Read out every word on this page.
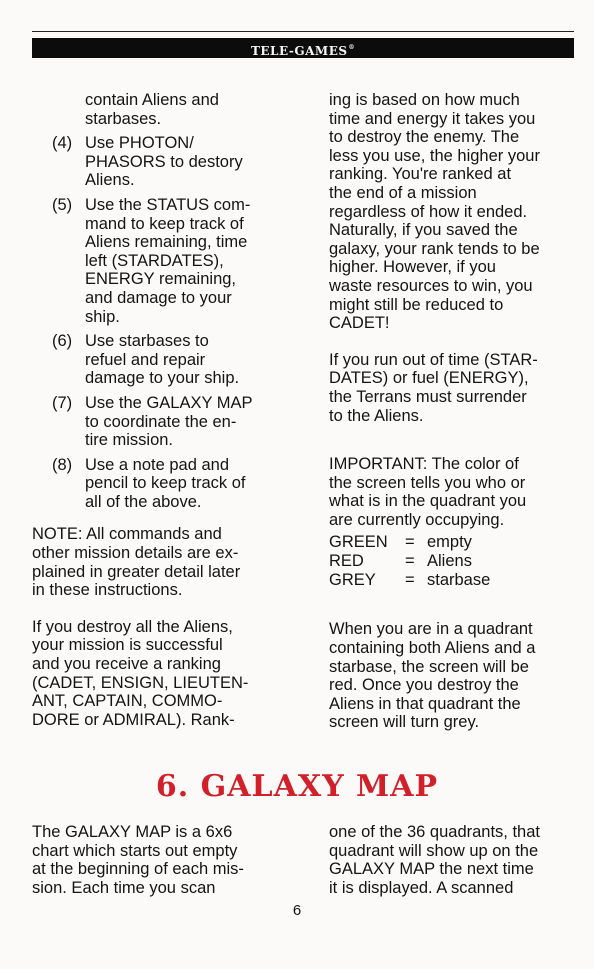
TELE-GAMES®
contain Aliens and
starbases.
(4) Use PHOTON/
PHASORS to destory
Aliens.
(5) Use the STATUS com-
mand to keep track of
Aliens remaining, time
left (STARDATES),
ENERGY remaining,
and damage to your
ship.
(6) Use starbases to
refuel and repair
damage to your ship.
(7) Use the GALAXY MAP
to coordinate the en-
tire mission.
(8) Use a note pad and
pencil to keep track of
all of the above.
NOTE: All commands and
other mission details are ex-
plained in greater detail later
in these instructions.
If you destroy all the Aliens,
your mission is successful
and you receive a ranking
(CADET, ENSIGN, LIEUTEN-
ANT, CAPTAIN, COMMO-
DORE or ADMIRAL). Rank-
ing is based on how much
time and energy it takes you
to destroy the enemy. The
less you use, the higher your
ranking. You're ranked at
the end of a mission
regardless of how it ended.
Naturally, if you saved the
galaxy, your rank tends to be
higher. However, if you
waste resources to win, you
might still be reduced to
CADET!
If you run out of time (STAR-
DATES) or fuel (ENERGY),
the Terrans must surrender
to the Aliens.
IMPORTANT: The color of
the screen tells you who or
what is in the quadrant you
are currently occupying.
GREEN	= empty
RED	= Aliens
GREY	= starbase
When you are in a quadrant
containing both Aliens and a
starbase, the screen will be
red. Once you destroy the
Aliens in that quadrant the
screen will turn grey.
6. GALAXY MAP
The GALAXY MAP is a 6x6
chart which starts out empty
at the beginning of each mis-
sion. Each time you scan
one of the 36 quadrants, that
quadrant will show up on the
GALAXY MAP the next time
it is displayed. A scanned
6
